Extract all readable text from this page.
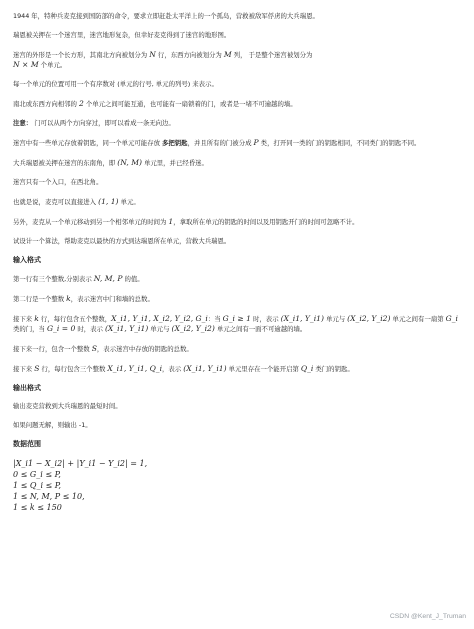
1944 年，特种兵麦克接到国防部的命令，要求立即赶赴太平洋上的一个孤岛，营救被敌军俘虏的大兵瑞恩。

瑞恩被关押在一个迷宫里，迷宫地形复杂，但幸好麦克得到了迷宫的地形图。

迷宫的外形是一个长方形，其南北方向被划分为 N 行，东西方向被划分为 M 列， 于是整个迷宫被划分为
N × M 个单元。

每一个单元的位置可用一个有序数对 (单元的行号, 单元的列号) 来表示。

南北或东西方向相邻的 2 个单元之间可能互通，也可能有一扇锁着的门，或者是一堵不可逾越的墙。

注意： 门可以从两个方向穿过，即可以看成一条无向边。

迷宫中有一些单元存放着钥匙，同一个单元可能存放 多把钥匙，并且所有的门被分成 P 类，打开同一类的门的钥匙相同，不同类门的钥匙不同。

大兵瑞恩被关押在迷宫的东南角，即 (N, M) 单元里，并已经昏迷。

迷宫只有一个入口，在西北角。

也就是说，麦克可以直接进入 (1, 1) 单元。

另外，麦克从一个单元移动到另一个相邻单元的时间为 1，拿取所在单元的钥匙的时间以及用钥匙开门的时间可忽略不计。

试设计一个算法，帮助麦克以最快的方式到达瑞恩所在单元，营救大兵瑞恩。

输入格式

第一行有三个整数,分别表示 N, M, P 的值。

第二行是一个整数 k，表示迷宫中门和墙的总数。

接下来 k 行，每行包含五个整数，X_i1, Y_i1, X_i2, Y_i2, G_i：当 G_i ≥ 1 时，表示 (X_i1, Y_i1) 单元与 (X_i2, Y_i2) 单元之间有一扇第 G_i 类的门，当 G_i = 0 时，表示 (X_i1, Y_i1) 单元与 (X_i2, Y_i2) 单元之间有一面不可逾越的墙。

接下来一行，包含一个整数 S，表示迷宫中存放的钥匙的总数。

接下来 S 行，每行包含三个整数 X_i1, Y_i1, Q_i，表示 (X_i1, Y_i1) 单元里存在一个能开启第 Q_i 类门的钥匙。

输出格式

输出麦克营救到大兵瑞恩的最短时间。

如果问题无解，则输出 -1。

数据范围

|X_i1 − X_i2| + |Y_i1 − Y_i2| = 1,

0 ≤ G_i ≤ P,

1 ≤ Q_i ≤ P,

1 ≤ N, M, P ≤ 10,

1 ≤ k ≤ 150

CSDN @Kent_J_Truman
